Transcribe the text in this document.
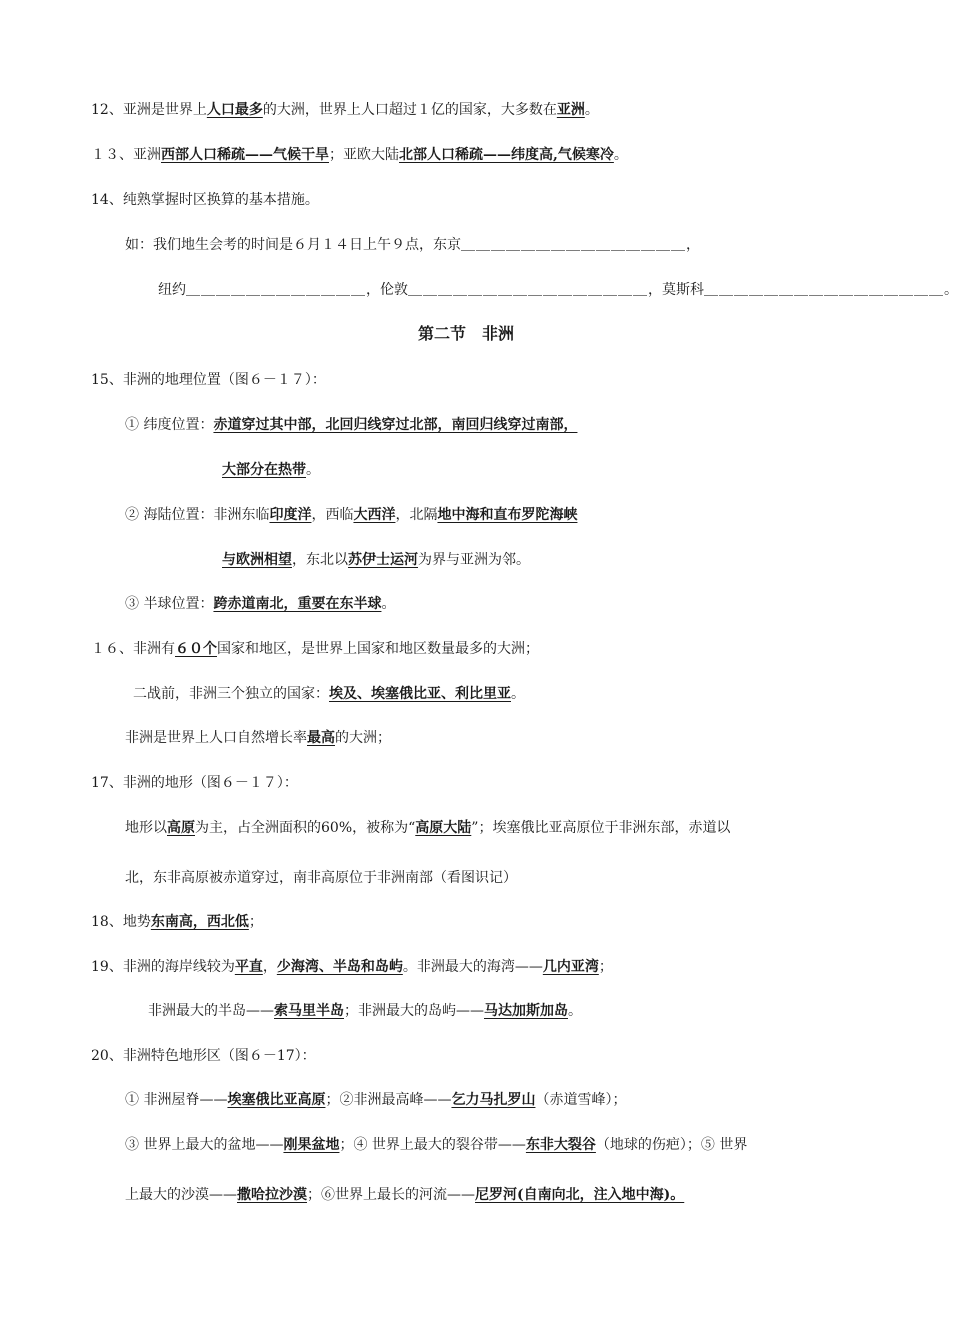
12、亚洲是世界上人口最多的大洲，世界上人口超过１亿的国家，大多数在亚洲。
１３、亚洲西部人口稀疏——气候干旱；亚欧大陆北部人口稀疏——纬度高,气候寒冷。
14、纯熟掌握时区换算的基本措施。
如：我们地生会考的时间是６月１４日上午９点，东京＿＿＿＿＿＿＿＿＿＿＿＿＿＿＿，
纽约＿＿＿＿＿＿＿＿＿＿＿＿，伦敦＿＿＿＿＿＿＿＿＿＿＿＿＿＿＿＿，莫斯科＿＿＿＿＿＿＿＿＿＿＿＿＿＿＿＿。
第二节　非洲
15、非洲的地理位置（图６－１７）：
① 纬度位置：赤道穿过其中部，北回归线穿过北部，南回归线穿过南部，
大部分在热带。
② 海陆位置：非洲东临印度洋，西临大西洋，北隔地中海和直布罗陀海峡
与欧洲相望，东北以苏伊士运河为界与亚洲为邻。
③ 半球位置：跨赤道南北，重要在东半球。
１６、非洲有６０个国家和地区，是世界上国家和地区数量最多的大洲；
二战前，非洲三个独立的国家：埃及、埃塞俄比亚、利比里亚。
非洲是世界上人口自然增长率最高的大洲；
17、非洲的地形（图６－１７）：
地形以高原为主，占全洲面积的60%，被称为“高原大陆”；埃塞俄比亚高原位于非洲东部，赤道以
北，东非高原被赤道穿过，南非高原位于非洲南部（看图识记）
18、地势东南高，西北低；
19、非洲的海岸线较为平直，少海湾、半岛和岛屿。非洲最大的海湾——几内亚湾；
非洲最大的半岛——索马里半岛；非洲最大的岛屿——马达加斯加岛。
20、非洲特色地形区（图６－17）：
① 非洲屋脊——埃塞俄比亚高原；②非洲最高峰——乞力马扎罗山（赤道雪峰）；
③ 世界上最大的盆地——刚果盆地；④ 世界上最大的裂谷带——东非大裂谷（地球的伤疤）；⑤ 世界
上最大的沙漠——撒哈拉沙漠；⑥世界上最长的河流——尼罗河(自南向北，注入地中海)。
